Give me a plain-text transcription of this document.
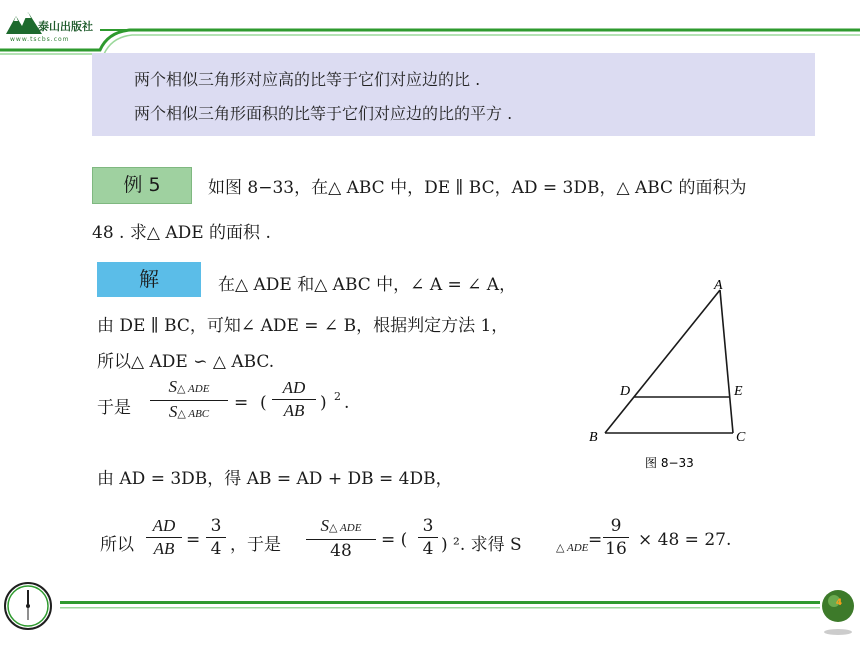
泰山出版社
www.tscbs.com
两个相似三角形对应高的比等于它们对应边的比 .
两个相似三角形面积的比等于它们对应边的比的平方 .
例 5	如图 8−33，在△ ABC 中，DE ∥ BC，AD = 3DB，△ ABC 的面积为
48 . 求△ ADE 的面积 .
解	在△ ADE 和△ ABC 中，∠ A = ∠ A，
由 DE ∥ BC，可知∠ ADE = ∠ B，根据判定方法 1，
所以△ ADE ∽ △ ABC.
于是
S△ ADE
S△ ABC
= (
AD
AB ) 2 .
由 AD = 3DB，得 AB = AD + DB = 4DB，
所以
AD
AB =
3
4 ，于是
S△ ADE
48
= (
3
4 ) ². 求得 S	△ ADE =
9
16 × 48 = 27.
A
B	C
D	E
图 8−33
4
